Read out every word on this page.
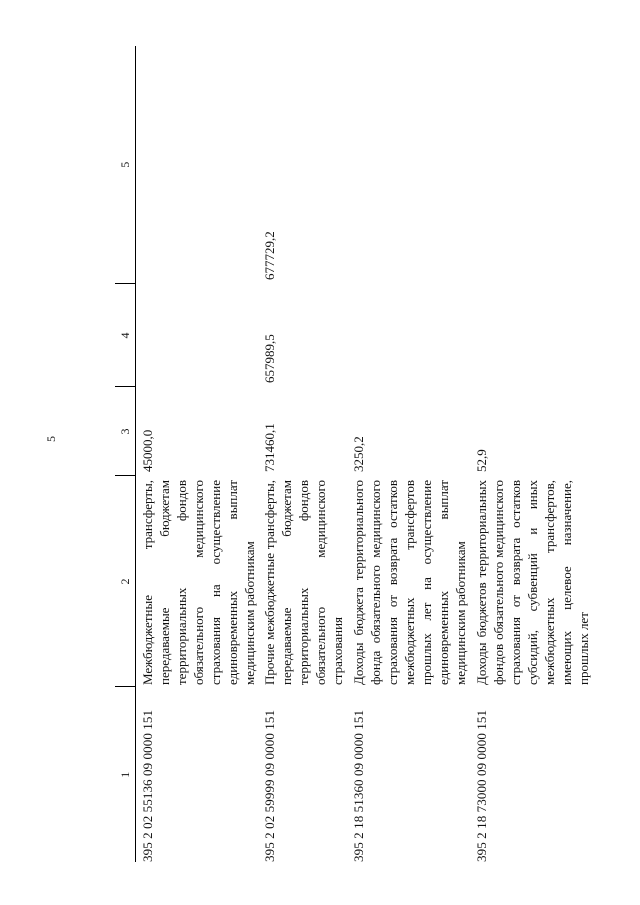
5
1	2	3	4	5
395 2 02 55136 09 0000 151	Межбюджетные трансферты, передаваемые бюджетам территориальных фондов обязательного медицинского страхования на осуществление единовременных выплат медицинским работникам	45000,0		
395 2 02 59999 09 0000 151	Прочие межбюджетные трансферты, передаваемые бюджетам территориальных фондов обязательного медицинского страхования	731460,1	657989,5	677729,2
395 2 18 51360 09 0000 151	Доходы бюджета территориального фонда обязательного медицинского страхования от возврата остатков межбюджетных трансфертов прошлых лет на осуществление единовременных выплат медицинским работникам	3250,2		
395 2 18 73000 09 0000 151	Доходы бюджетов территориальных фондов обязательного медицинского страхования от возврата остатков субсидий, субвенций и иных межбюджетных трансфертов, имеющих целевое назначение, прошлых лет	52,9		
